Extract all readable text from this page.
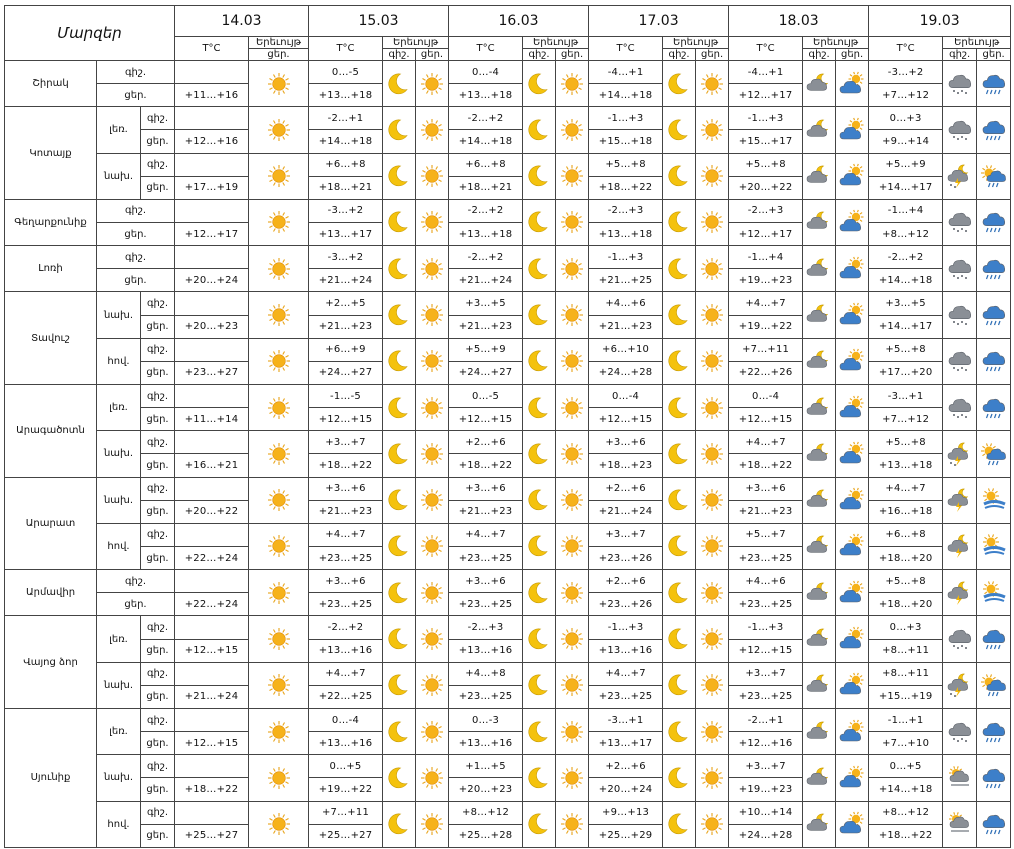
Մարզեր			14.03		15.03			16.03			17.03			18.03			19.03		
			T°C	Երեւույթ	T°C	Երեւույթ		T°C	Երեւույթ		T°C	Երեւույթ		T°C	Երեւույթ		T°C	Երեւույթ	
				ցեր.		գիշ.	ցեր.		գիշ.	ցեր.		գիշ.	ցեր.		գիշ.	ցեր.		գիշ.	ցեր.
Շիրակ	գիշ.				0…-5			0…-4			-4…+1			-4…+1			-3…+2	

	ցեր.		+11…+16		+13…+18			+13…+18			+14…+18			+12…+17			+7…+12		
Կոտայք	լեռ.	գիշ.			-2…+1			-2…+2			-1…+3			-1…+3			0…+3	

		ցեր.	+12…+16		+14…+18			+14…+18			+15…+18			+15…+17			+9…+14		
	նախ.	գիշ.			+6…+8			+6…+8			+5…+8			+5…+8			+5…+9	

		ցեր.	+17…+19		+18…+21			+18…+21			+18…+22			+20…+22			+14…+17		
Գեղարքունիք	գիշ.				-3…+2			-2…+2			-2…+3			-2…+3			-1…+4	

	ցեր.		+12…+17		+13…+17			+13…+18			+13…+18			+12…+17			+8…+12		
Լոռի	գիշ.				-3…+2			-2…+2			-1…+3			-1…+4			-2…+2	

	ցեր.		+20…+24		+21…+24			+21…+24			+21…+25			+19…+23			+14…+18		
Տավուշ	նախ.	գիշ.			+2…+5			+3…+5			+4…+6			+4…+7			+3…+5	

		ցեր.	+20…+23		+21…+23			+21…+23			+21…+23			+19…+22			+14…+17		
	հով.	գիշ.			+6…+9			+5…+9			+6…+10			+7…+11			+5…+8	

		ցեր.	+23…+27		+24…+27			+24…+27			+24…+28			+22…+26			+17…+20		
Արագածոտն	լեռ.	գիշ.			-1…-5			0…-5			0…-4			0…-4			-3…+1	

		ցեր.	+11…+14		+12…+15			+12…+15			+12…+15			+12…+15			+7…+12		
	նախ.	գիշ.			+3…+7			+2…+6			+3…+6			+4…+7			+5…+8	

		ցեր.	+16…+21		+18…+22			+18…+22			+18…+23			+18…+22			+13…+18		
Արարատ	նախ.	գիշ.			+3…+6			+3…+6			+2…+6			+3…+6			+4…+7	

		ցեր.	+20…+22		+21…+23			+21…+23			+21…+24			+21…+23			+16…+18		
	հով.	գիշ.			+4…+7			+4…+7			+3…+7			+5…+7			+6…+8	

		ցեր.	+22…+24		+23…+25			+23…+25			+23…+26			+23…+25			+18…+20		
Արմավիր	գիշ.				+3…+6			+3…+6			+2…+6			+4…+6			+5…+8	

	ցեր.		+22…+24		+23…+25			+23…+25			+23…+26			+23…+25			+18…+20		
Վայոց ձոր	լեռ.	գիշ.			-2…+2			-2…+3			-1…+3			-1…+3			0…+3	

		ցեր.	+12…+15		+13…+16			+13…+16			+13…+16			+12…+15			+8…+11		
	նախ.	գիշ.			+4…+7			+4…+8			+4…+7			+3…+7			+8…+11	

		ցեր.	+21…+24		+22…+25			+23…+25			+23…+25			+23…+25			+15…+19		
Սյունիք	լեռ.	գիշ.			0…-4			0…-3			-3…+1			-2…+1			-1…+1	

		ցեր.	+12…+15		+13…+16			+13…+16			+13…+17			+12…+16			+7…+10		
	նախ.	գիշ.			0…+5			+1…+5			+2…+6			+3…+7			0…+5	

		ցեր.	+18…+22		+19…+22			+20…+23			+20…+24			+19…+23			+14…+18		
	հով.	գիշ.			+7…+11			+8…+12			+9…+13			+10…+14			+8…+12	

		ցեր.	+25…+27		+25…+27			+25…+28			+25…+29			+24…+28			+18…+22		
